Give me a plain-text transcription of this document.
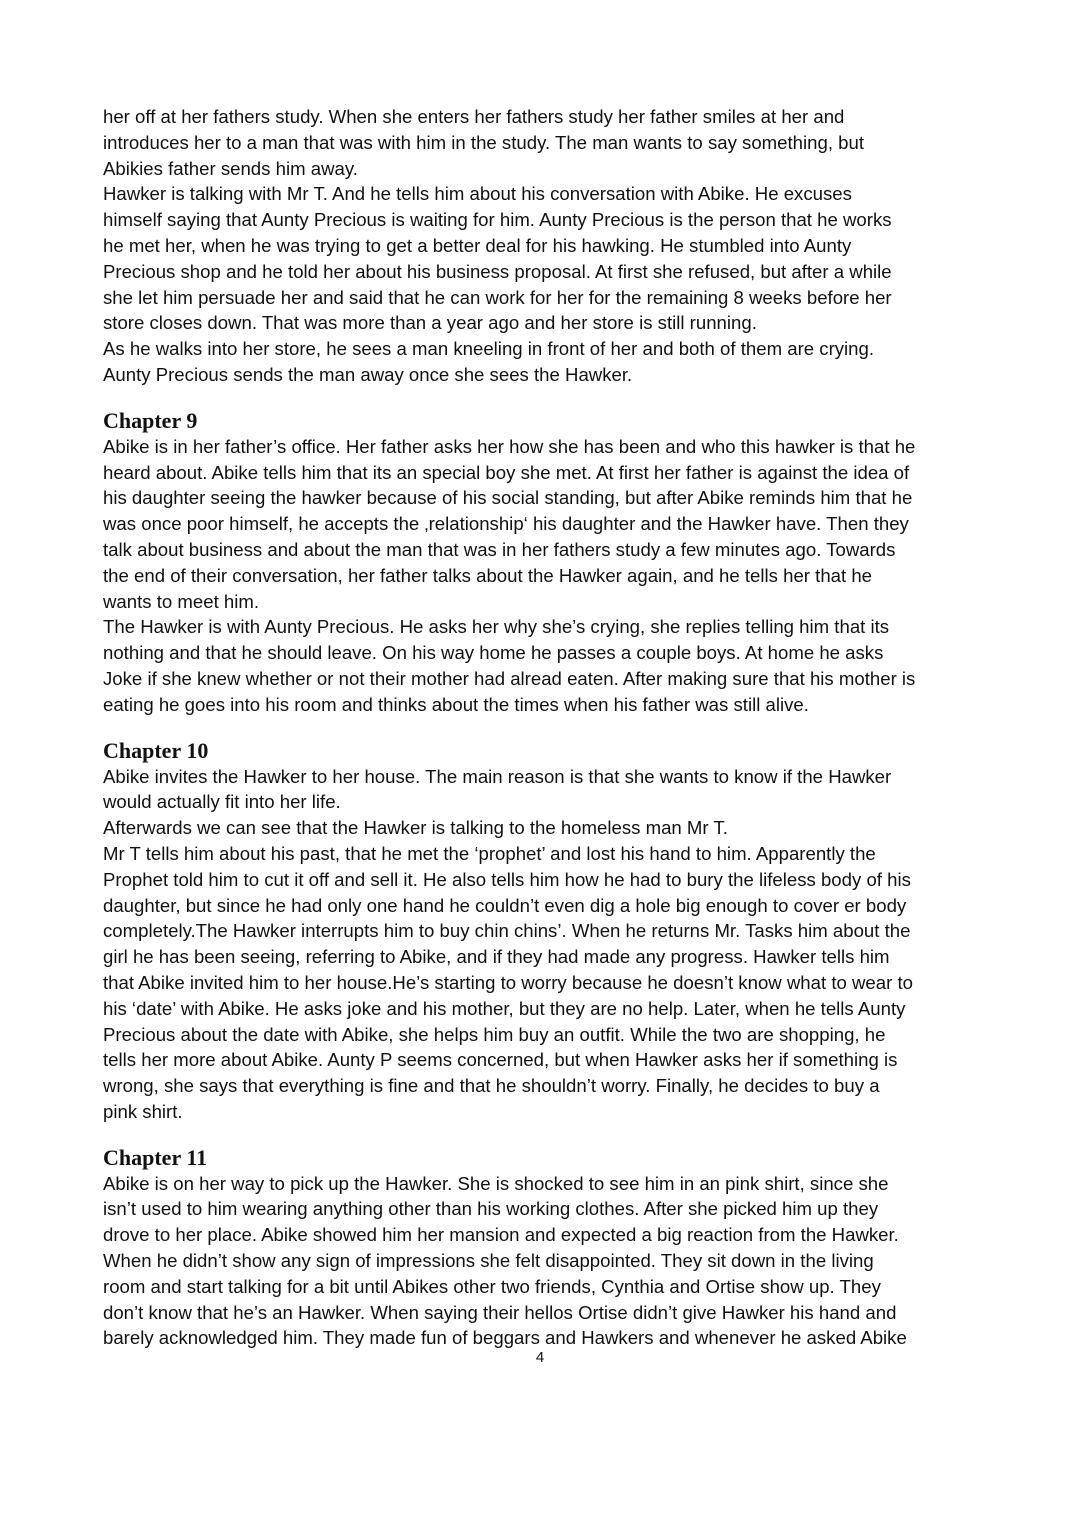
her off at her fathers study. When she enters her fathers study her father smiles at her and
introduces her to a man that was with him in the study. The man wants to say something, but
Abikies father sends him away.

Hawker is talking with Mr T. And he tells him about his conversation with Abike. He excuses
himself saying that Aunty Precious is waiting for him. Aunty Precious is the person that he works
he met her, when he was trying to get a better deal for his hawking. He stumbled into Aunty
Precious shop and he told her about his business proposal. At first she refused, but after a while
she let him persuade her and said that he can work for her for the remaining 8 weeks before her
store closes down. That was more than a year ago and her store is still running.

As he walks into her store, he sees a man kneeling in front of her and both of them are crying.
Aunty Precious sends the man away once she sees the Hawker.

Chapter 9

Abike is in her father’s office. Her father asks her how she has been and who this hawker is that he
heard about. Abike tells him that its an special boy she met. At first her father is against the idea of
his daughter seeing the hawker because of his social standing, but after Abike reminds him that he
was once poor himself, he accepts the ‚relationship‘ his daughter and the Hawker have. Then they
talk about business and about the man that was in her fathers study a few minutes ago. Towards
the end of their conversation, her father talks about the Hawker again, and he tells her that he
wants to meet him.

The Hawker is with Aunty Precious. He asks her why she’s crying, she replies telling him that its
nothing and that he should leave. On his way home he passes a couple boys. At home he asks
Joke if she knew whether or not their mother had alread eaten. After making sure that his mother is
eating he goes into his room and thinks about the times when his father was still alive.

Chapter 10

Abike invites the Hawker to her house. The main reason is that she wants to know if the Hawker
would actually fit into her life.

Afterwards we can see that the Hawker is talking to the homeless man Mr T.

Mr T tells him about his past, that he met the ‘prophet’ and lost his hand to him. Apparently the
Prophet told him to cut it off and sell it. He also tells him how he had to bury the lifeless body of his
daughter, but since he had only one hand he couldn’t even dig a hole big enough to cover er body
completely.The Hawker interrupts him to buy chin chins’. When he returns Mr. Tasks him about the
girl he has been seeing, referring to Abike, and if they had made any progress. Hawker tells him
that Abike invited him to her house.He’s starting to worry because he doesn’t know what to wear to
his ‘date’ with Abike. He asks joke and his mother, but they are no help. Later, when he tells Aunty
Precious about the date with Abike, she helps him buy an outfit. While the two are shopping, he
tells her more about Abike. Aunty P seems concerned, but when Hawker asks her if something is
wrong, she says that everything is fine and that he shouldn’t worry. Finally, he decides to buy a
pink shirt.

Chapter 11

Abike is on her way to pick up the Hawker. She is shocked to see him in an pink shirt, since she
isn’t used to him wearing anything other than his working clothes. After she picked him up they
drove to her place. Abike showed him her mansion and expected a big reaction from the Hawker.
When he didn’t show any sign of impressions she felt disappointed. They sit down in the living
room and start talking for a bit until Abikes other two friends, Cynthia and Ortise show up. They
don’t know that he’s an Hawker. When saying their hellos Ortise didn’t give Hawker his hand and
barely acknowledged him. They made fun of beggars and Hawkers and whenever he asked Abike

4
